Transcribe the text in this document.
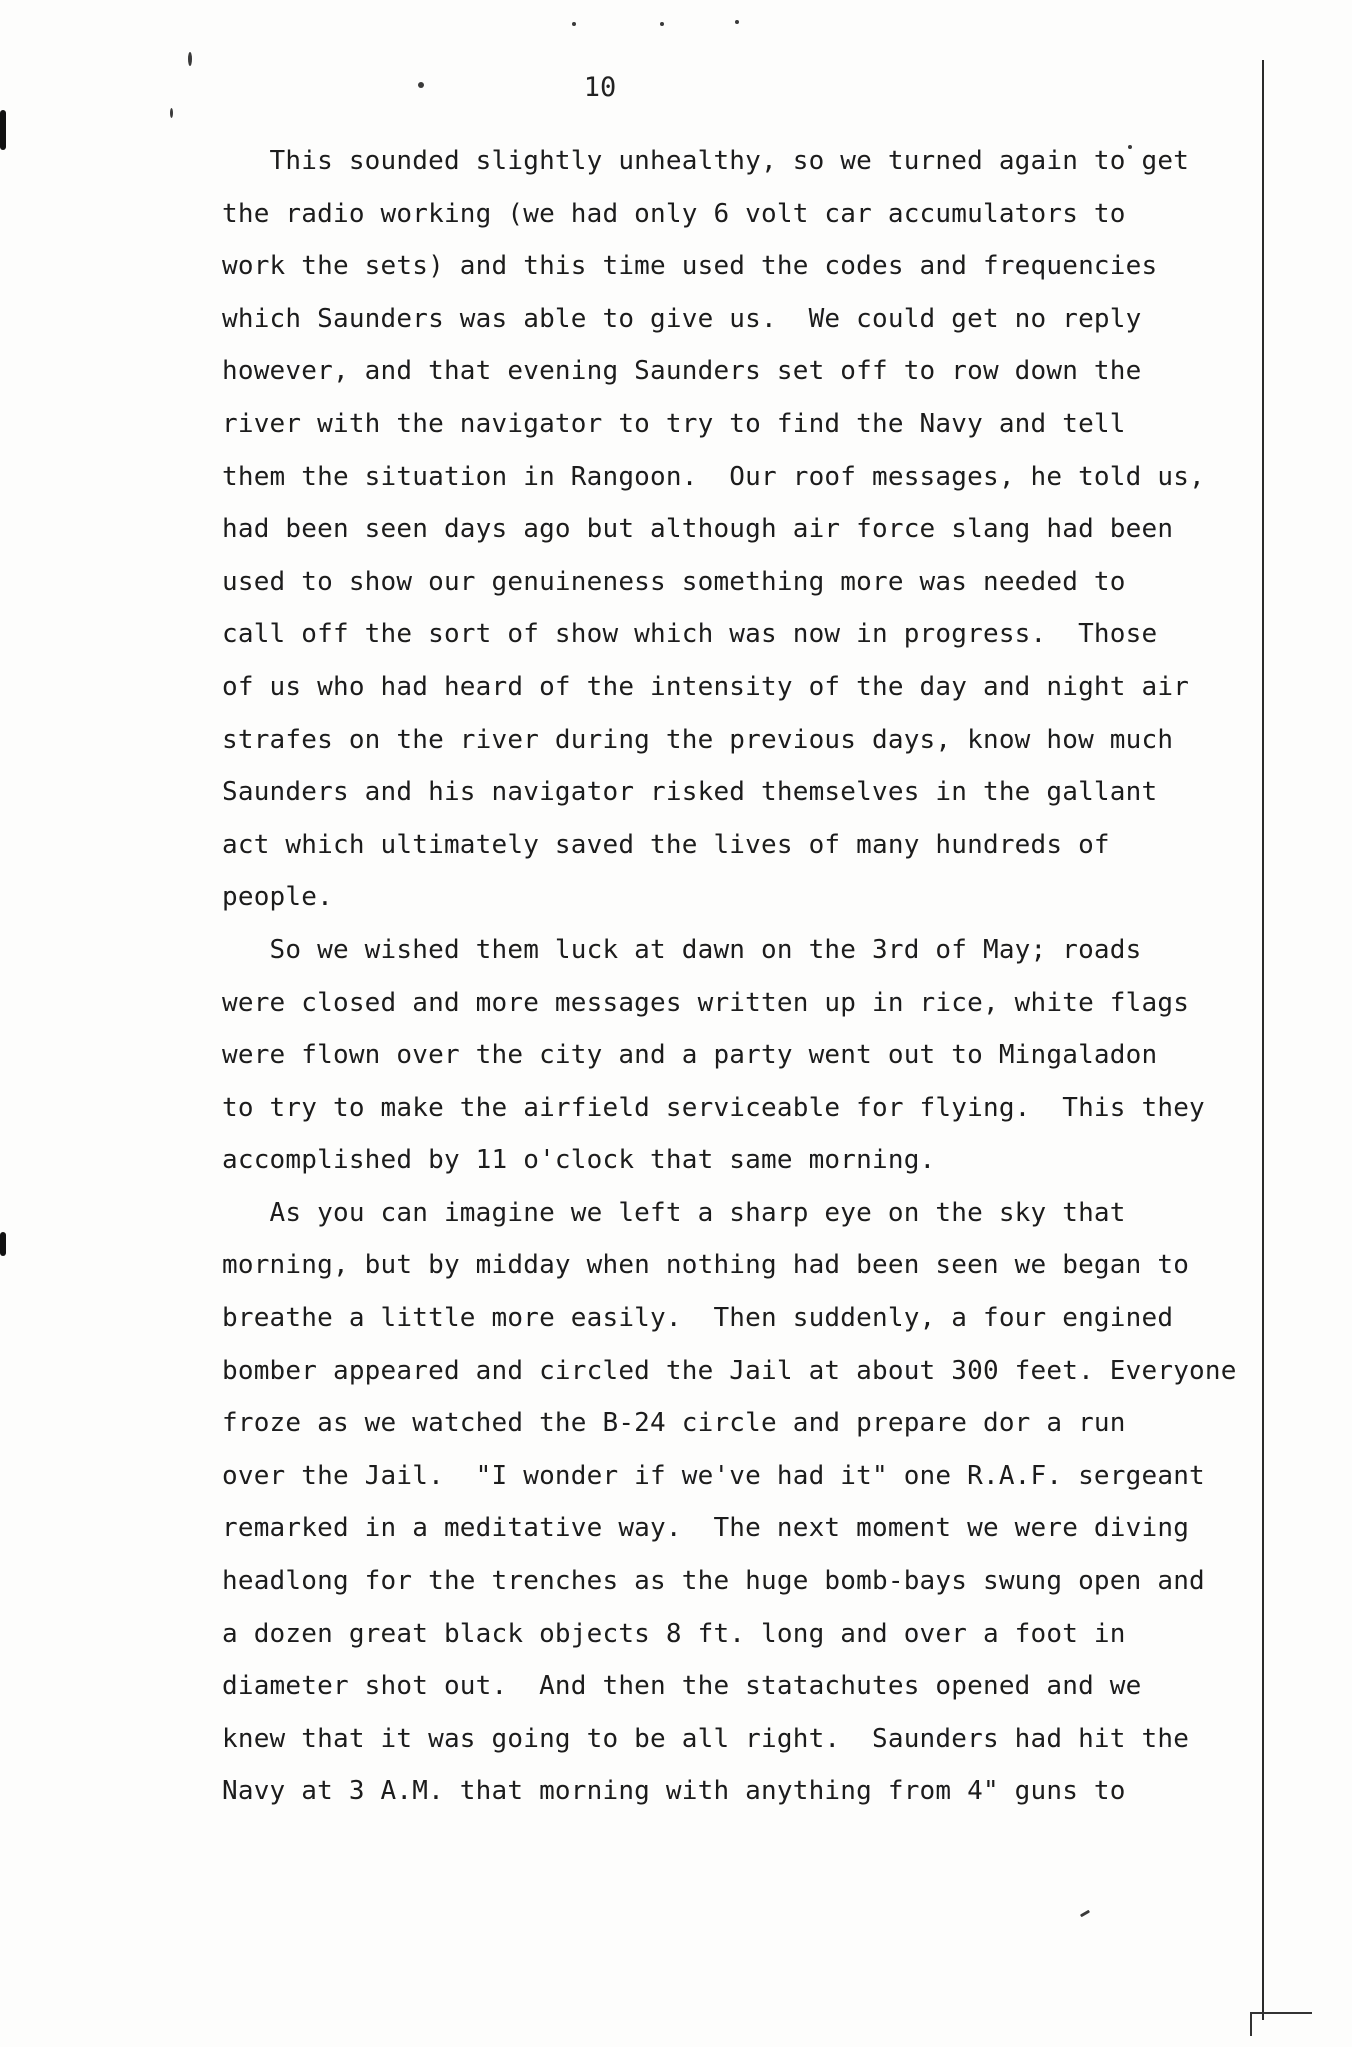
10
This sounded slightly unhealthy, so we turned again to get
the radio working (we had only 6 volt car accumulators to
work the sets) and this time used the codes and frequencies
which Saunders was able to give us.  We could get no reply
however, and that evening Saunders set off to row down the
river with the navigator to try to find the Navy and tell
them the situation in Rangoon.  Our roof messages, he told us,
had been seen days ago but although air force slang had been
used to show our genuineness something more was needed to
call off the sort of show which was now in progress.  Those
of us who had heard of the intensity of the day and night air
strafes on the river during the previous days, know how much
Saunders and his navigator risked themselves in the gallant
act which ultimately saved the lives of many hundreds of
people.
So we wished them luck at dawn on the 3rd of May; roads
were closed and more messages written up in rice, white flags
were flown over the city and a party went out to Mingaladon
to try to make the airfield serviceable for flying.  This they
accomplished by 11 o'clock that same morning.
As you can imagine we left a sharp eye on the sky that
morning, but by midday when nothing had been seen we began to
breathe a little more easily.  Then suddenly, a four engined
bomber appeared and circled the Jail at about 300 feet. Everyone
froze as we watched the B-24 circle and prepare dor a run
over the Jail.  "I wonder if we've had it" one R.A.F. sergeant
remarked in a meditative way.  The next moment we were diving
headlong for the trenches as the huge bomb-bays swung open and
a dozen great black objects 8 ft. long and over a foot in
diameter shot out.  And then the statachutes opened and we
knew that it was going to be all right.  Saunders had hit the
Navy at 3 A.M. that morning with anything from 4" guns to
